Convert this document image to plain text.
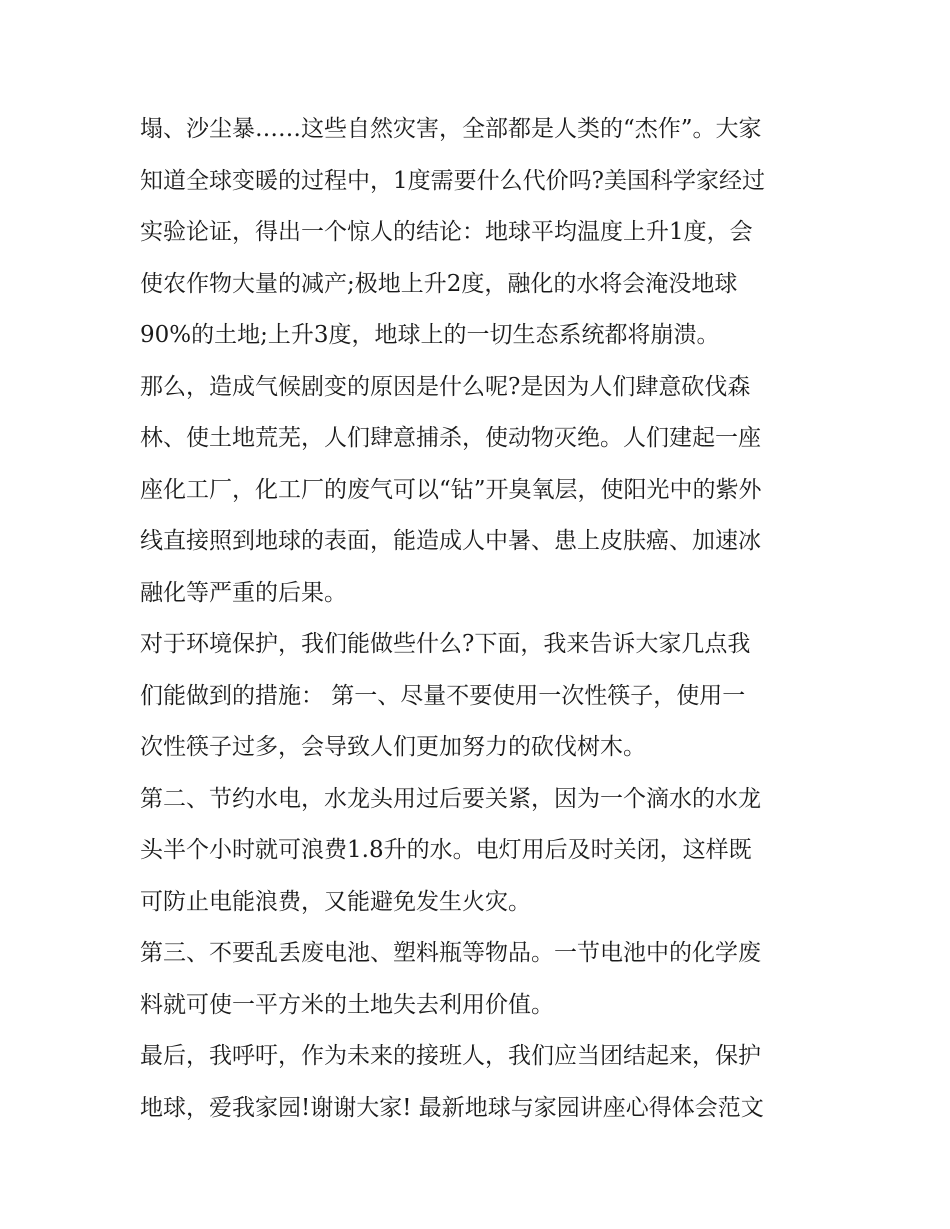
塌、沙尘暴……这些自然灾害，全部都是人类的“杰作”。大家
知道全球变暖的过程中，1度需要什么代价吗?美国科学家经过
实验论证，得出一个惊人的结论：地球平均温度上升1度，会
使农作物大量的减产;极地上升2度，融化的水将会淹没地球
90%的土地;上升3度，地球上的一切生态系统都将崩溃。
那么，造成气候剧变的原因是什么呢?是因为人们肆意砍伐森
林、使土地荒芜，人们肆意捕杀，使动物灭绝。人们建起一座
座化工厂，化工厂的废气可以“钻”开臭氧层，使阳光中的紫外
线直接照到地球的表面，能造成人中暑、患上皮肤癌、加速冰
融化等严重的后果。
对于环境保护，我们能做些什么?下面，我来告诉大家几点我
们能做到的措施： 第一、尽量不要使用一次性筷子，使用一
次性筷子过多，会导致人们更加努力的砍伐树木。
第二、节约水电，水龙头用过后要关紧，因为一个滴水的水龙
头半个小时就可浪费1.8升的水。电灯用后及时关闭，这样既
可防止电能浪费，又能避免发生火灾。
第三、不要乱丢废电池、塑料瓶等物品。一节电池中的化学废
料就可使一平方米的土地失去利用价值。
最后，我呼吁，作为未来的接班人，我们应当团结起来，保护
地球，爱我家园!谢谢大家! 最新地球与家园讲座心得体会范文
